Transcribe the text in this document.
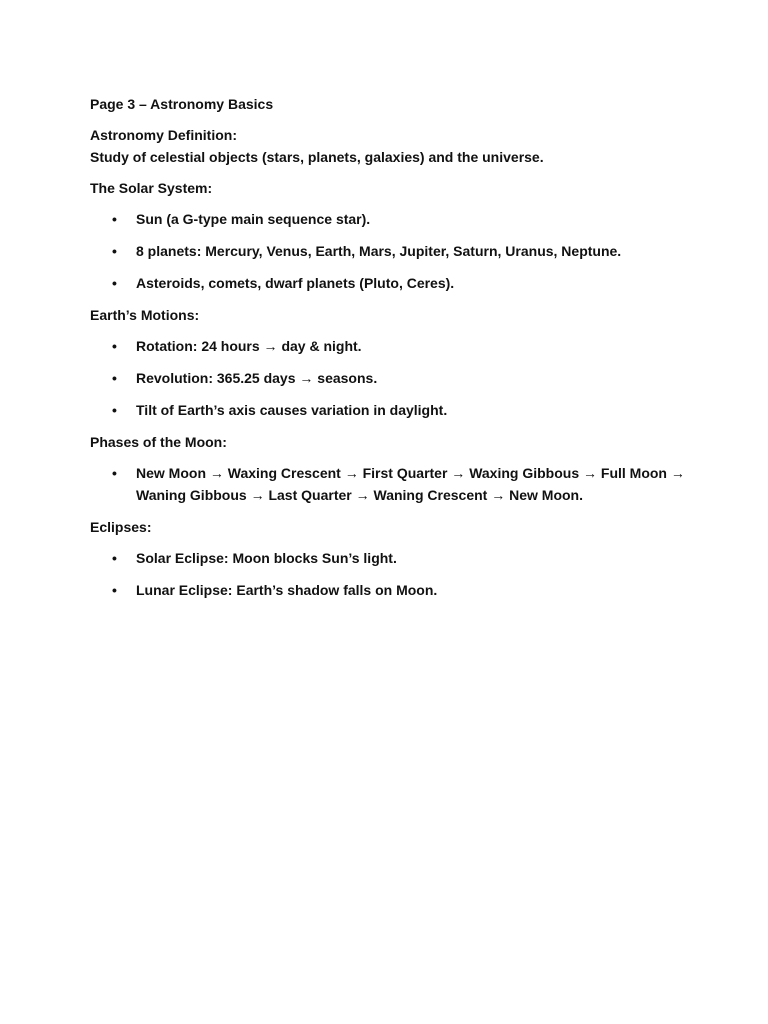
Page 3 – Astronomy Basics
Astronomy Definition:
Study of celestial objects (stars, planets, galaxies) and the universe.
The Solar System:
• Sun (a G-type main sequence star).
• 8 planets: Mercury, Venus, Earth, Mars, Jupiter, Saturn, Uranus, Neptune.
• Asteroids, comets, dwarf planets (Pluto, Ceres).
Earth’s Motions:
• Rotation: 24 hours → day & night.
• Revolution: 365.25 days → seasons.
• Tilt of Earth’s axis causes variation in daylight.
Phases of the Moon:
• New Moon → Waxing Crescent → First Quarter → Waxing Gibbous → Full Moon → Waning Gibbous → Last Quarter → Waning Crescent → New Moon.
Eclipses:
• Solar Eclipse: Moon blocks Sun’s light.
• Lunar Eclipse: Earth’s shadow falls on Moon.
